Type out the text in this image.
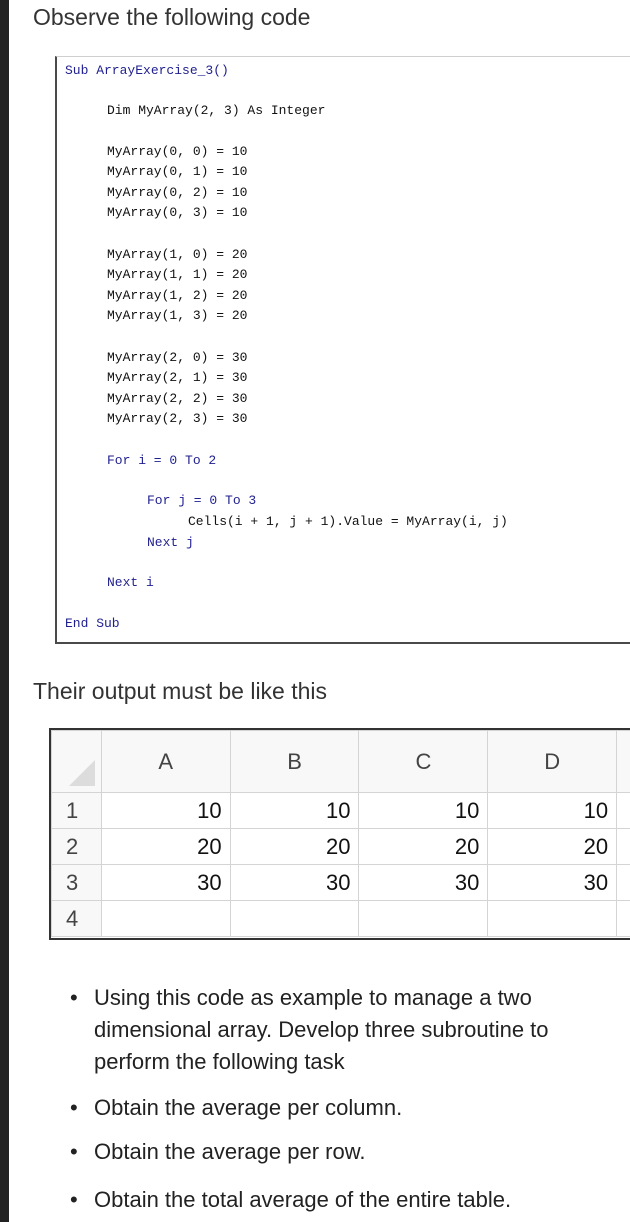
Observe the following code
Sub ArrayExercise_3()
Dim MyArray(2, 3) As Integer
MyArray(0, 0) = 10
MyArray(0, 1) = 10
MyArray(0, 2) = 10
MyArray(0, 3) = 10
MyArray(1, 0) = 20
MyArray(1, 1) = 20
MyArray(1, 2) = 20
MyArray(1, 3) = 20
MyArray(2, 0) = 30
MyArray(2, 1) = 30
MyArray(2, 2) = 30
MyArray(2, 3) = 30
For i = 0 To 2
For j = 0 To 3
Cells(i + 1, j + 1).Value = MyArray(i, j)
Next j
Next i
End Sub
Their output must be like this
	A	B	C	D	
1	10	10	10	10	
2	20	20	20	20	
3	30	30	30	30	
4					
• Using this code as example to manage a two dimensional array. Develop three subroutine to perform the following task
• Obtain the average per column.
• Obtain the average per row.
• Obtain the total average of the entire table.
